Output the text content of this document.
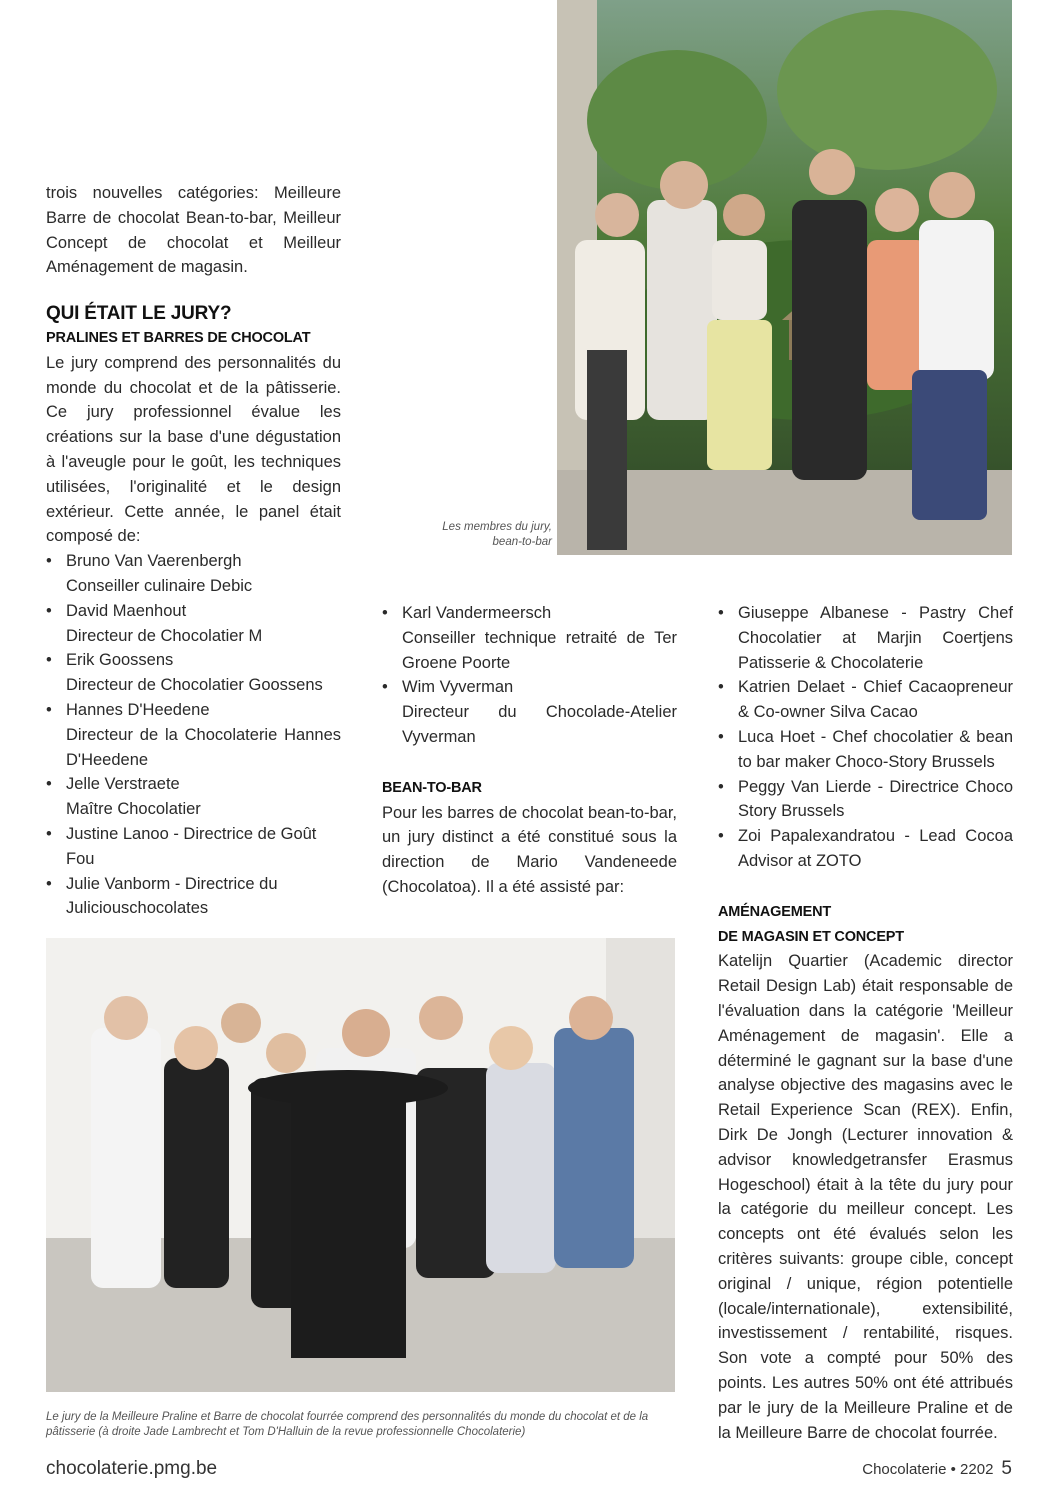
trois nouvelles catégories: Meilleure Barre de chocolat Bean-to-bar, Meilleur Concept de chocolat et Meilleur Aménagement de magasin.

QUI ÉTAIT LE JURY?
PRALINES ET BARRES DE CHOCOLAT

Le jury comprend des personnalités du monde du chocolat et de la pâtisserie. Ce jury professionnel évalue les créations sur la base d'une dégustation à l'aveugle pour le goût, les techniques utilisées, l'originalité et le design extérieur. Cette année, le panel était composé de:

• Bruno Van Vaerenbergh
Conseiller culinaire Debic
• David Maenhout
Directeur de Chocolatier M
• Erik Goossens
Directeur de Chocolatier Goossens
• Hannes D'Heedene
Directeur de la Chocolaterie Hannes D'Heedene
• Jelle Verstraete
Maître Chocolatier
• Justine Lanoo - Directrice de Goût Fou
• Julie Vanborm - Directrice du Juliciouschocolates
Les membres du jury,
bean-to-bar
• Karl Vandermeersch
Conseiller technique retraité de Ter Groene Poorte
• Wim Vyverman
Directeur du Chocolade-Atelier Vyverman
BEAN-TO-BAR

Pour les barres de chocolat bean-to-bar, un jury distinct a été constitué sous la direction de Mario Vandeneede (Chocolatoa). Il a été assisté par:

• Giuseppe Albanese - Pastry Chef Chocolatier at Marjin Coertjens Patisserie & Chocolaterie
• Katrien Delaet - Chief Cacaopreneur & Co-owner Silva Cacao
• Luca Hoet - Chef chocolatier & bean to bar maker Choco-Story Brussels
• Peggy Van Lierde - Directrice Choco Story Brussels
• Zoi Papalexandratou - Lead Cocoa Advisor at ZOTO
AMÉNAGEMENT
DE MAGASIN ET CONCEPT

Katelijn Quartier (Academic director Retail Design Lab) était responsable de l'évaluation dans la catégorie 'Meilleur Aménagement de magasin'. Elle a déterminé le gagnant sur la base d'une analyse objective des magasins avec le Retail Experience Scan (REX). Enfin, Dirk De Jongh (Lecturer innovation & advisor knowledgetransfer Erasmus Hogeschool) était à la tête du jury pour la catégorie du meilleur concept. Les concepts ont été évalués selon les critères suivants: groupe cible, concept original / unique, région potentielle (locale/internationale), extensibilité, investissement / rentabilité, risques. Son vote a compté pour 50% des points. Les autres 50% ont été attribués par le jury de la Meilleure Praline et de la Meilleure Barre de chocolat fourrée.

Le jury de la Meilleure Praline et Barre de chocolat fourrée comprend des personnalités du monde du chocolat et de la pâtisserie (à droite Jade Lambrecht et Tom D'Halluin de la revue professionnelle Chocolaterie)
chocolaterie.pmg.be	Chocolaterie • 2202 5
